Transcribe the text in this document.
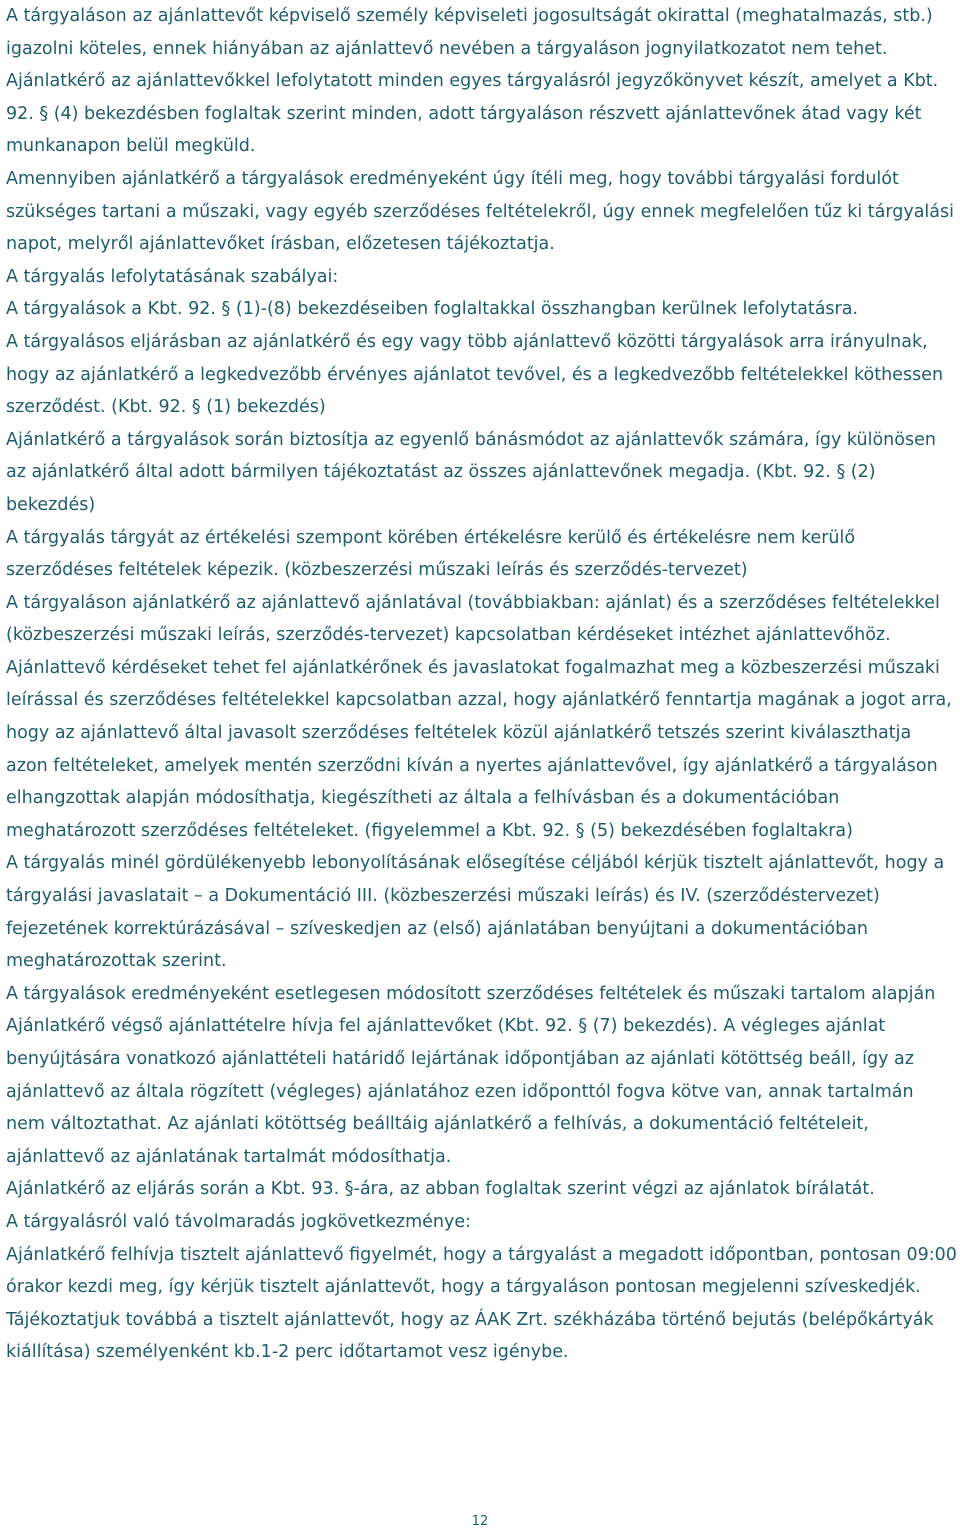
A tárgyaláson az ajánlattevőt képviselő személy képviseleti jogosultságát okirattal (meghatalmazás, stb.) igazolni köteles, ennek hiányában az ajánlattevő nevében a tárgyaláson jognyilatkozatot nem tehet.

Ajánlatkérő az ajánlattevőkkel lefolytatott minden egyes tárgyalásról jegyzőkönyvet készít, amelyet a Kbt. 92. § (4) bekezdésben foglaltak szerint minden, adott tárgyaláson részvett ajánlattevőnek átad vagy két munkanapon belül megküld.

Amennyiben ajánlatkérő a tárgyalások eredményeként úgy ítéli meg, hogy további tárgyalási fordulót szükséges tartani a műszaki, vagy egyéb szerződéses feltételekről, úgy ennek megfelelően tűz ki tárgyalási napot, melyről ajánlattevőket írásban, előzetesen tájékoztatja.

A tárgyalás lefolytatásának szabályai:

A tárgyalások a Kbt. 92. § (1)-(8) bekezdéseiben foglaltakkal összhangban kerülnek lefolytatásra.

A tárgyalásos eljárásban az ajánlatkérő és egy vagy több ajánlattevő közötti tárgyalások arra irányulnak, hogy az ajánlatkérő a legkedvezőbb érvényes ajánlatot tevővel, és a legkedvezőbb feltételekkel köthessen szerződést. (Kbt. 92. § (1) bekezdés)

Ajánlatkérő a tárgyalások során biztosítja az egyenlő bánásmódot az ajánlattevők számára, így különösen az ajánlatkérő által adott bármilyen tájékoztatást az összes ajánlattevőnek megadja. (Kbt. 92. § (2) bekezdés)

A tárgyalás tárgyát az értékelési szempont körében értékelésre kerülő és értékelésre nem kerülő szerződéses feltételek képezik. (közbeszerzési műszaki leírás és szerződés-tervezet)

A tárgyaláson ajánlatkérő az ajánlattevő ajánlatával (továbbiakban: ajánlat) és a szerződéses feltételekkel (közbeszerzési műszaki leírás, szerződés-tervezet) kapcsolatban kérdéseket intézhet ajánlattevőhöz.

Ajánlattevő kérdéseket tehet fel ajánlatkérőnek és javaslatokat fogalmazhat meg a közbeszerzési műszaki leírással és szerződéses feltételekkel kapcsolatban azzal, hogy ajánlatkérő fenntartja magának a jogot arra, hogy az ajánlattevő által javasolt szerződéses feltételek közül ajánlatkérő tetszés szerint kiválaszthatja azon feltételeket, amelyek mentén szerződni kíván a nyertes ajánlattevővel, így ajánlatkérő a tárgyaláson elhangzottak alapján módosíthatja, kiegészítheti az általa a felhívásban és a dokumentációban meghatározott szerződéses feltételeket. (figyelemmel a Kbt. 92. § (5) bekezdésében foglaltakra)

A tárgyalás minél gördülékenyebb lebonyolításának elősegítése céljából kérjük tisztelt ajánlattevőt, hogy a tárgyalási javaslatait – a Dokumentáció III. (közbeszerzési műszaki leírás) és IV. (szerződéstervezet) fejezetének korrektúrázásával – szíveskedjen az (első) ajánlatában benyújtani a dokumentációban meghatározottak szerint.

A tárgyalások eredményeként esetlegesen módosított szerződéses feltételek és műszaki tartalom alapján Ajánlatkérő végső ajánlattételre hívja fel ajánlattevőket (Kbt. 92. § (7) bekezdés). A végleges ajánlat benyújtására vonatkozó ajánlattételi határidő lejártának időpontjában az ajánlati kötöttség beáll, így az ajánlattevő az általa rögzített (végleges) ajánlatához ezen időponttól fogva kötve van, annak tartalmán nem változtathat. Az ajánlati kötöttség beálltáig ajánlatkérő a felhívás, a dokumentáció feltételeit, ajánlattevő az ajánlatának tartalmát módosíthatja.

Ajánlatkérő az eljárás során a Kbt. 93. §-ára, az abban foglaltak szerint végzi az ajánlatok bírálatát.

A tárgyalásról való távolmaradás jogkövetkezménye:

Ajánlatkérő felhívja tisztelt ajánlattevő figyelmét, hogy a tárgyalást a megadott időpontban, pontosan 09:00 órakor kezdi meg, így kérjük tisztelt ajánlattevőt, hogy a tárgyaláson pontosan megjelenni szíveskedjék.

Tájékoztatjuk továbbá a tisztelt ajánlattevőt, hogy az ÁAK Zrt. székházába történő bejutás (belépőkártyák kiállítása) személyenként kb.1-2 perc időtartamot vesz igénybe.

12
